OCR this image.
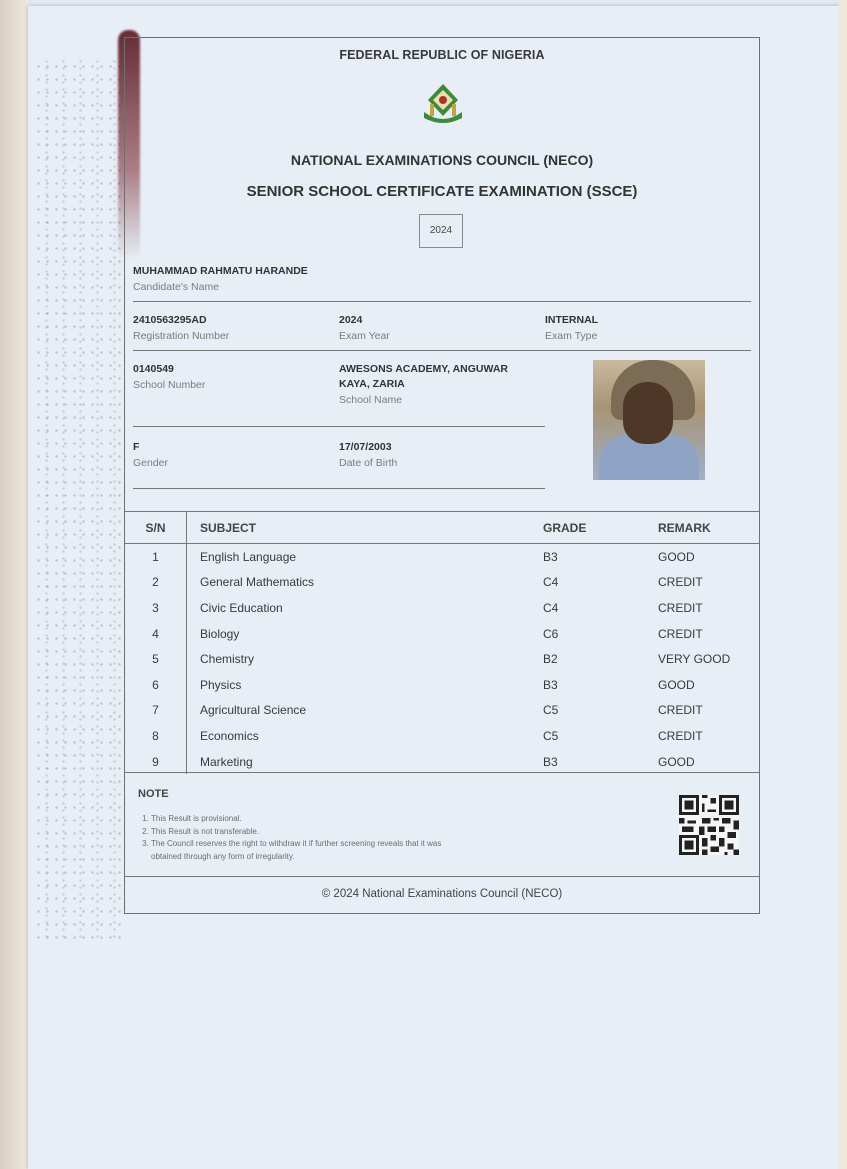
FEDERAL REPUBLIC OF NIGERIA
NATIONAL EXAMINATIONS COUNCIL (NECO)
SENIOR SCHOOL CERTIFICATE EXAMINATION (SSCE)
2024
MUHAMMAD RAHMATU HARANDE
Candidate's Name
2410563295AD
Registration Number
2024
Exam Year
INTERNAL
Exam Type
0140549
School Number
AWESONS ACADEMY, ANGUWAR KAYA, ZARIA
School Name
F
Gender
17/07/2003
Date of Birth
S/N	SUBJECT	GRADE	REMARK
1	English Language	B3	GOOD
2	General Mathematics	C4	CREDIT
3	Civic Education	C4	CREDIT
4	Biology	C6	CREDIT
5	Chemistry	B2	VERY GOOD
6	Physics	B3	GOOD
7	Agricultural Science	C5	CREDIT
8	Economics	C5	CREDIT
9	Marketing	B3	GOOD
NOTE
1. This Result is provisional.
2. This Result is not transferable.
3. The Council reserves the right to withdraw it if further screening reveals that it was obtained through any form of irregularity.
© 2024 National Examinations Council (NECO)
